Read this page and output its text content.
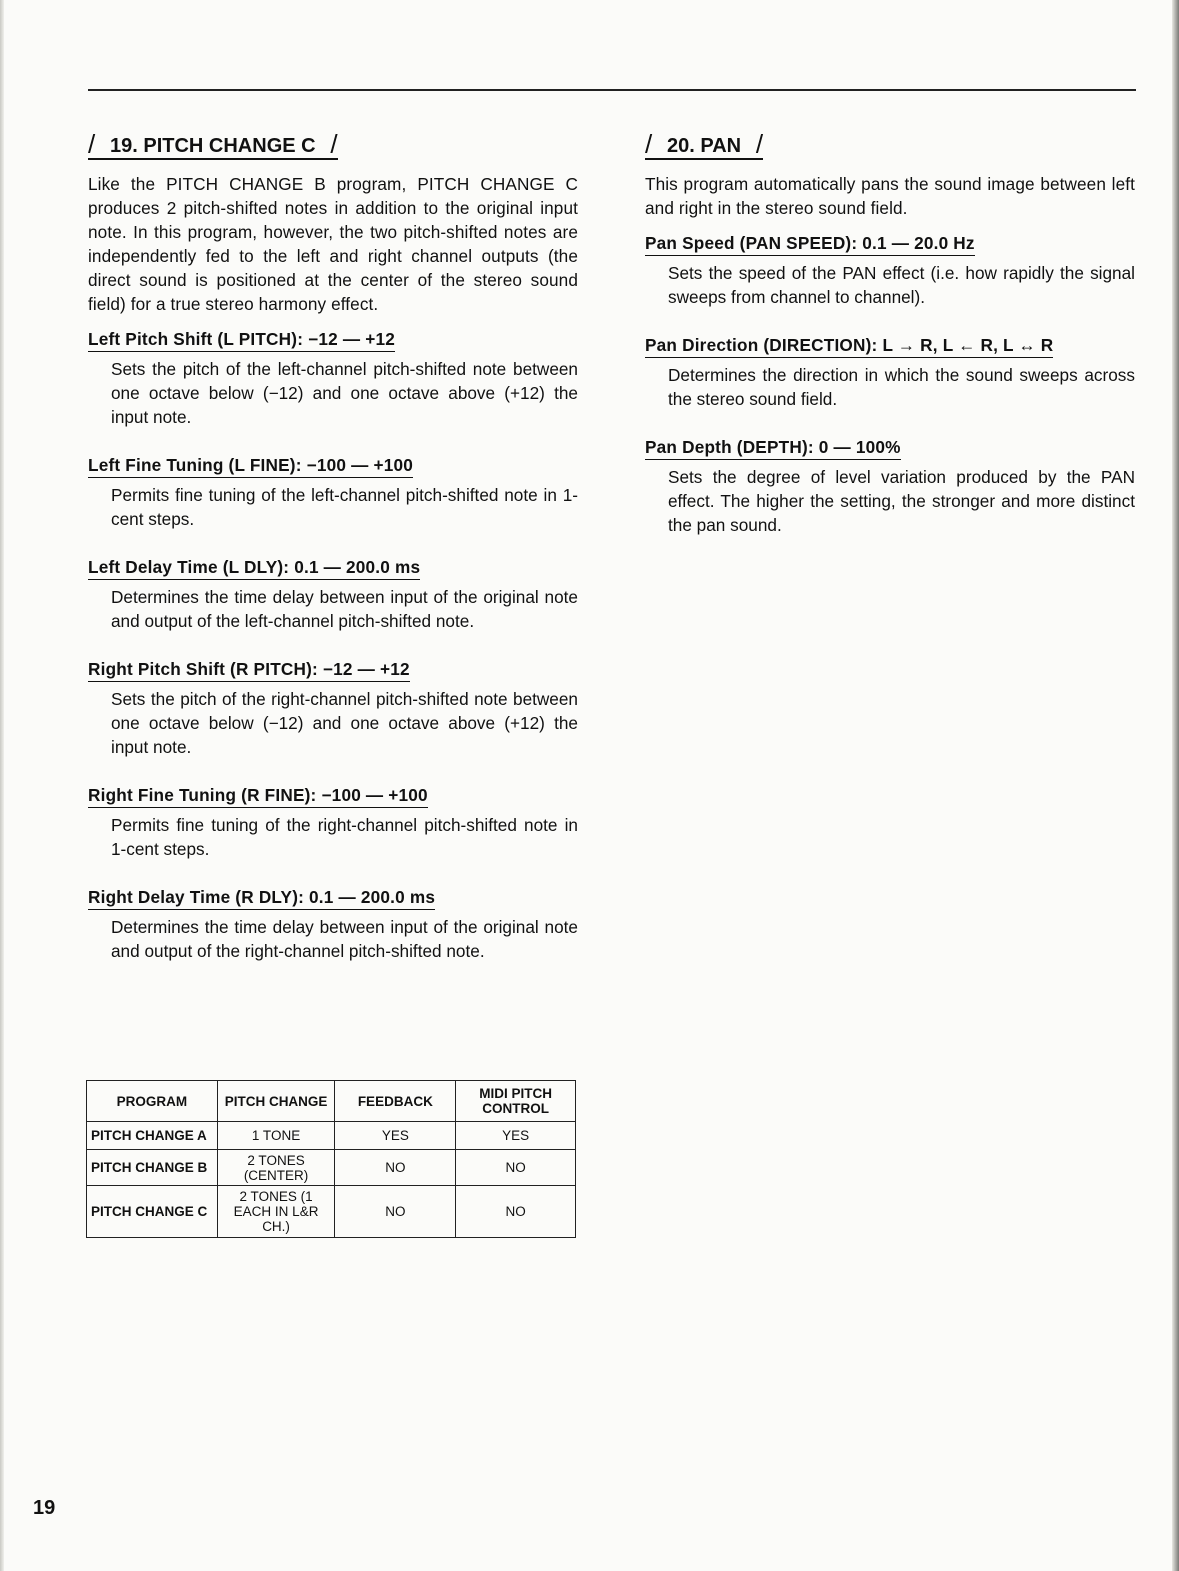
/ 19. PITCH CHANGE C /

Like the PITCH CHANGE B program, PITCH CHANGE C produces 2 pitch-shifted notes in addition to the original input note. In this program, however, the two pitch-shifted notes are independently fed to the left and right channel outputs (the direct sound is positioned at the center of the stereo sound field) for a true stereo harmony effect.

Left Pitch Shift (L PITCH): −12 — +12

Sets the pitch of the left-channel pitch-shifted note between one octave below (−12) and one octave above (+12) the input note.

Left Fine Tuning (L FINE): −100 — +100

Permits fine tuning of the left-channel pitch-shifted note in 1-cent steps.

Left Delay Time (L DLY): 0.1 — 200.0 ms

Determines the time delay between input of the original note and output of the left-channel pitch-shifted note.

Right Pitch Shift (R PITCH): −12 — +12

Sets the pitch of the right-channel pitch-shifted note between one octave below (−12) and one octave above (+12) the input note.

Right Fine Tuning (R FINE): −100 — +100

Permits fine tuning of the right-channel pitch-shifted note in 1-cent steps.

Right Delay Time (R DLY): 0.1 — 200.0 ms

Determines the time delay between input of the original note and output of the right-channel pitch-shifted note.

/ 20. PAN /

This program automatically pans the sound image between left and right in the stereo sound field.

Pan Speed (PAN SPEED): 0.1 — 20.0 Hz

Sets the speed of the PAN effect (i.e. how rapidly the signal sweeps from channel to channel).

Pan Direction (DIRECTION): L → R, L ← R, L ↔ R

Determines the direction in which the sound sweeps across the stereo sound field.

Pan Depth (DEPTH): 0 — 100%

Sets the degree of level variation produced by the PAN effect. The higher the setting, the stronger and more distinct the pan sound.

PROGRAM	PITCH CHANGE	FEEDBACK	MIDI PITCH CONTROL
PITCH CHANGE A	1 TONE	YES	YES
PITCH CHANGE B	2 TONES (CENTER)	NO	NO
PITCH CHANGE C	2 TONES (1 EACH IN L&R CH.)	NO	NO
19
